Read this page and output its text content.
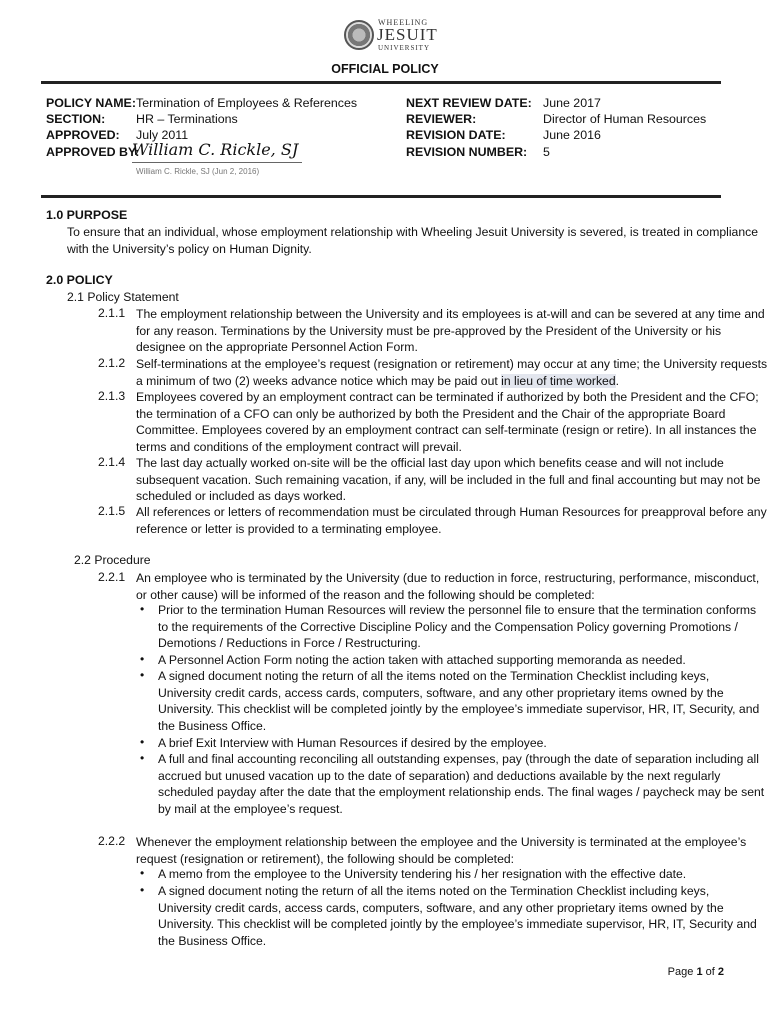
WHEELING
JESUIT
UNIVERSITY
OFFICIAL POLICY
POLICY NAME: Termination of Employees & References
SECTION: HR – Terminations
APPROVED: July 2011
APPROVED BY:
William C. Rickle, SJ
William C. Rickle, SJ (Jun 2, 2016)
NEXT REVIEW DATE: June 2017
REVIEWER:	Director of Human Resources
REVISION DATE:	June 2016
REVISION NUMBER: 5
1.0 PURPOSE
To ensure that an individual, whose employment relationship with Wheeling Jesuit University is severed, is treated in compliance
with the University’s policy on Human Dignity.
2.0 POLICY
2.1 Policy Statement
2.1.1 The employment relationship between the University and its employees is at-will and can be severed at any time and
for any reason. Terminations by the University must be pre-approved by the President of the University or his
designee on the appropriate Personnel Action Form.
2.1.2 Self-terminations at the employee’s request (resignation or retirement) may occur at any time; the University requests
a minimum of two (2) weeks advance notice which may be paid out in lieu of time worked.
2.1.3 Employees covered by an employment contract can be terminated if authorized by both the President and the CFO;
the termination of a CFO can only be authorized by both the President and the Chair of the appropriate Board
Committee. Employees covered by an employment contract can self-terminate (resign or retire). In all instances the
terms and conditions of the employment contract will prevail.
2.1.4 The last day actually worked on-site will be the official last day upon which benefits cease and will not include
subsequent vacation. Such remaining vacation, if any, will be included in the full and final accounting but may not be
scheduled or included as days worked.
2.1.5 All references or letters of recommendation must be circulated through Human Resources for preapproval before any
reference or letter is provided to a terminating employee.
2.2 Procedure
2.2.1 An employee who is terminated by the University (due to reduction in force, restructuring, performance, misconduct,
or other cause) will be informed of the reason and the following should be completed:
• Prior to the termination Human Resources will review the personnel file to ensure that the termination conforms
to the requirements of the Corrective Discipline Policy and the Compensation Policy governing Promotions /
Demotions / Reductions in Force / Restructuring.
• A Personnel Action Form noting the action taken with attached supporting memoranda as needed.
• A signed document noting the return of all the items noted on the Termination Checklist including keys,
University credit cards, access cards, computers, software, and any other proprietary items owned by the
University. This checklist will be completed jointly by the employee’s immediate supervisor, HR, IT, Security, and
the Business Office.
• A brief Exit Interview with Human Resources if desired by the employee.
• A full and final accounting reconciling all outstanding expenses, pay (through the date of separation including all
accrued but unused vacation up to the date of separation) and deductions available by the next regularly
scheduled payday after the date that the employment relationship ends. The final wages / paycheck may be sent
by mail at the employee’s request.
2.2.2 Whenever the employment relationship between the employee and the University is terminated at the employee’s
request (resignation or retirement), the following should be completed:
• A memo from the employee to the University tendering his / her resignation with the effective date.
• A signed document noting the return of all the items noted on the Termination Checklist including keys,
University credit cards, access cards, computers, software, and any other proprietary items owned by the
University. This checklist will be completed jointly by the employee’s immediate supervisor, HR, IT, Security and
the Business Office.
Page 1 of 2
